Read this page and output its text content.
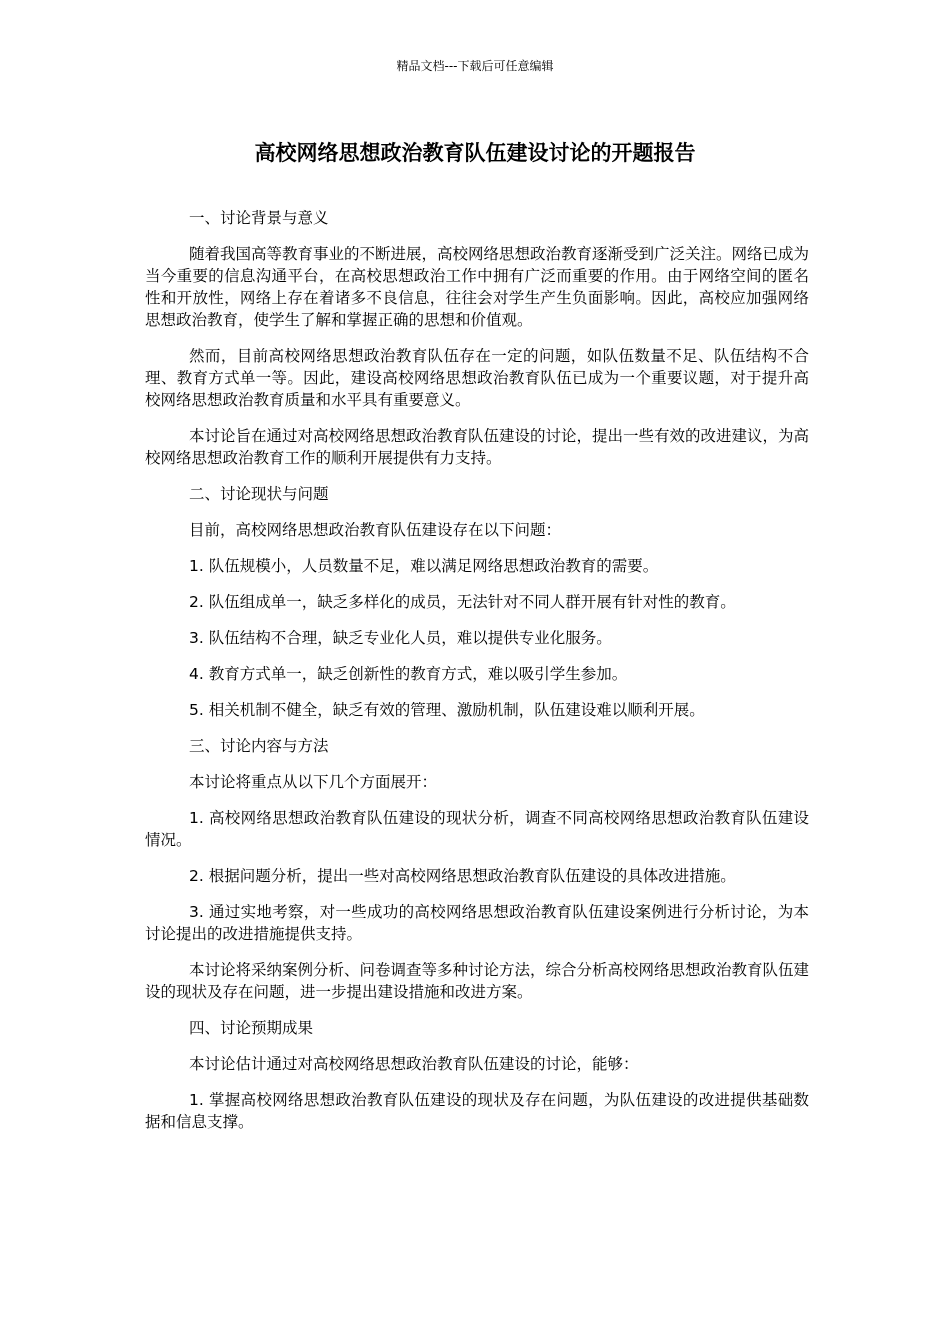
精品文档---下载后可任意编辑
高校网络思想政治教育队伍建设讨论的开题报告

一、讨论背景与意义

随着我国高等教育事业的不断进展，高校网络思想政治教育逐渐受到广泛关注。网络已成为当今重要的信息沟通平台，在高校思想政治工作中拥有广泛而重要的作用。由于网络空间的匿名性和开放性，网络上存在着诸多不良信息，往往会对学生产生负面影响。因此，高校应加强网络思想政治教育，使学生了解和掌握正确的思想和价值观。

然而，目前高校网络思想政治教育队伍存在一定的问题，如队伍数量不足、队伍结构不合理、教育方式单一等。因此，建设高校网络思想政治教育队伍已成为一个重要议题，对于提升高校网络思想政治教育质量和水平具有重要意义。

本讨论旨在通过对高校网络思想政治教育队伍建设的讨论，提出一些有效的改进建议，为高校网络思想政治教育工作的顺利开展提供有力支持。

二、讨论现状与问题

目前，高校网络思想政治教育队伍建设存在以下问题：

1. 队伍规模小，人员数量不足，难以满足网络思想政治教育的需要。

2. 队伍组成单一，缺乏多样化的成员，无法针对不同人群开展有针对性的教育。

3. 队伍结构不合理，缺乏专业化人员，难以提供专业化服务。

4. 教育方式单一，缺乏创新性的教育方式，难以吸引学生参加。

5. 相关机制不健全，缺乏有效的管理、激励机制，队伍建设难以顺利开展。

三、讨论内容与方法

本讨论将重点从以下几个方面展开：

1. 高校网络思想政治教育队伍建设的现状分析，调查不同高校网络思想政治教育队伍建设情况。

2. 根据问题分析，提出一些对高校网络思想政治教育队伍建设的具体改进措施。

3. 通过实地考察，对一些成功的高校网络思想政治教育队伍建设案例进行分析讨论，为本讨论提出的改进措施提供支持。

本讨论将采纳案例分析、问卷调查等多种讨论方法，综合分析高校网络思想政治教育队伍建设的现状及存在问题，进一步提出建设措施和改进方案。

四、讨论预期成果

本讨论估计通过对高校网络思想政治教育队伍建设的讨论，能够：

1. 掌握高校网络思想政治教育队伍建设的现状及存在问题，为队伍建设的改进提供基础数据和信息支撑。
